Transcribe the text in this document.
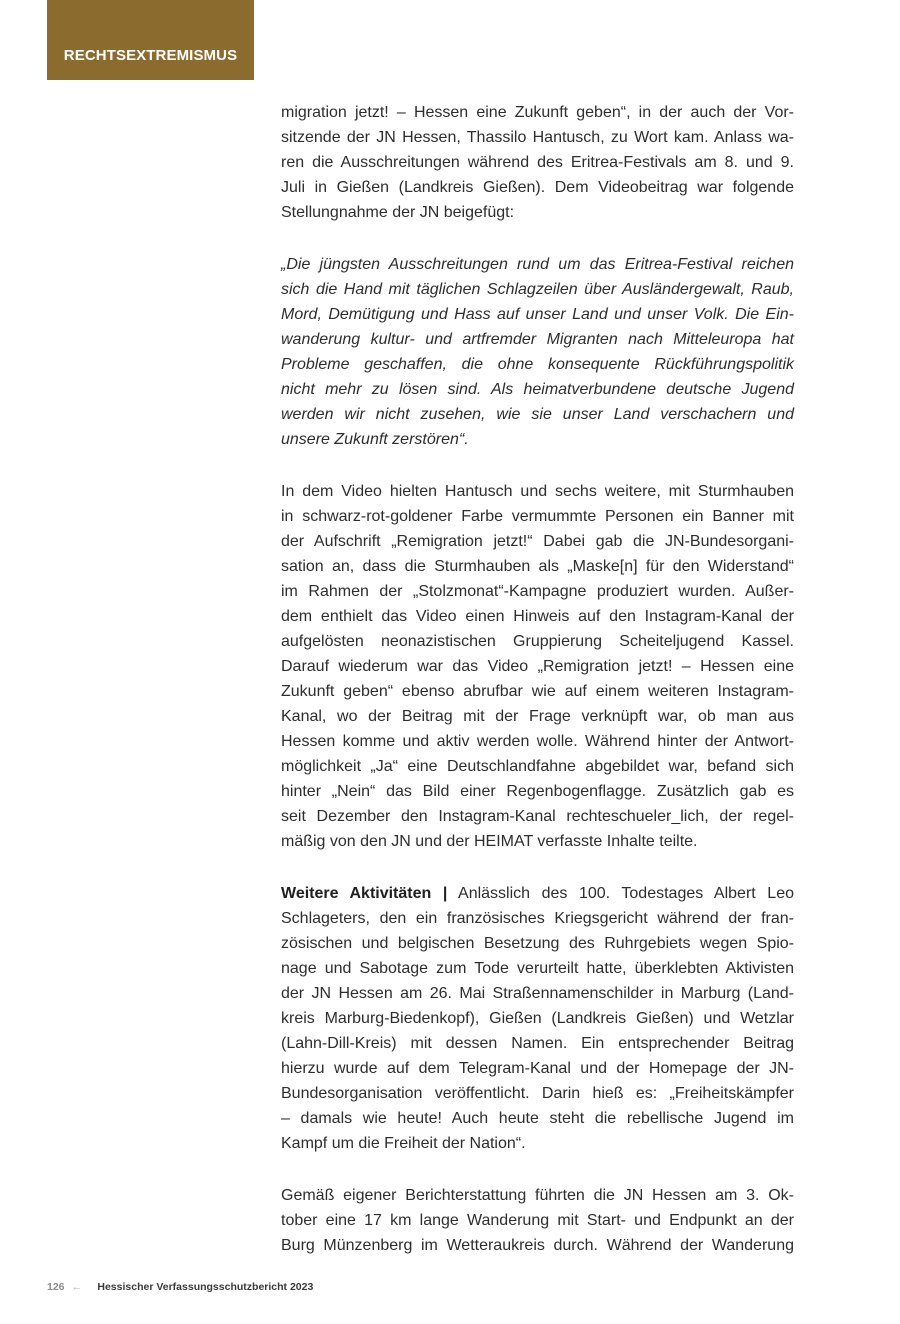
RECHTSEXTREMISMUS
migration jetzt! – Hessen eine Zukunft geben“, in der auch der Vor-
sitzende der JN Hessen, Thassilo Hantusch, zu Wort kam. Anlass wa-
ren die Ausschreitungen während des Eritrea-Festivals am 8. und 9.
Juli in Gießen (Landkreis Gießen). Dem Videobeitrag war folgende
Stellungnahme der JN beigefügt:
„Die jüngsten Ausschreitungen rund um das Eritrea-Festival reichen
sich die Hand mit täglichen Schlagzeilen über Ausländergewalt, Raub,
Mord, Demütigung und Hass auf unser Land und unser Volk. Die Ein-
wanderung kultur- und artfremder Migranten nach Mitteleuropa hat
Probleme geschaffen, die ohne konsequente Rückführungspolitik
nicht mehr zu lösen sind. Als heimatverbundene deutsche Jugend
werden wir nicht zusehen, wie sie unser Land verschachern und
unsere Zukunft zerstören“.
In dem Video hielten Hantusch und sechs weitere, mit Sturmhauben
in schwarz-rot-goldener Farbe vermummte Personen ein Banner mit
der Aufschrift „Remigration jetzt!“ Dabei gab die JN-Bundesorgani-
sation an, dass die Sturmhauben als „Maske[n] für den Widerstand“
im Rahmen der „Stolzmonat“-Kampagne produziert wurden. Außer-
dem enthielt das Video einen Hinweis auf den Instagram-Kanal der
aufgelösten neonazistischen Gruppierung Scheiteljugend Kassel.
Darauf wiederum war das Video „Remigration jetzt! – Hessen eine
Zukunft geben“ ebenso abrufbar wie auf einem weiteren Instagram-
Kanal, wo der Beitrag mit der Frage verknüpft war, ob man aus
Hessen komme und aktiv werden wolle. Während hinter der Antwort-
möglichkeit „Ja“ eine Deutschlandfahne abgebildet war, befand sich
hinter „Nein“ das Bild einer Regenbogenflagge. Zusätzlich gab es
seit Dezember den Instagram-Kanal rechteschueler_lich, der regel-
mäßig von den JN und der HEIMAT verfasste Inhalte teilte.
Weitere Aktivitäten | Anlässlich des 100. Todestages Albert Leo
Schlageters, den ein französisches Kriegsgericht während der fran-
zösischen und belgischen Besetzung des Ruhrgebiets wegen Spio-
nage und Sabotage zum Tode verurteilt hatte, überklebten Aktivisten
der JN Hessen am 26. Mai Straßennamenschilder in Marburg (Land-
kreis Marburg-Biedenkopf), Gießen (Landkreis Gießen) und Wetzlar
(Lahn-Dill-Kreis) mit dessen Namen. Ein entsprechender Beitrag
hierzu wurde auf dem Telegram-Kanal und der Homepage der JN-
Bundesorganisation veröffentlicht. Darin hieß es: „Freiheitskämpfer
– damals wie heute! Auch heute steht die rebellische Jugend im
Kampf um die Freiheit der Nation“.
Gemäß eigener Berichterstattung führten die JN Hessen am 3. Ok-
tober eine 17 km lange Wanderung mit Start- und Endpunkt an der
Burg Münzenberg im Wetteraukreis durch. Während der Wanderung
126 ← Hessischer Verfassungsschutzbericht 2023
